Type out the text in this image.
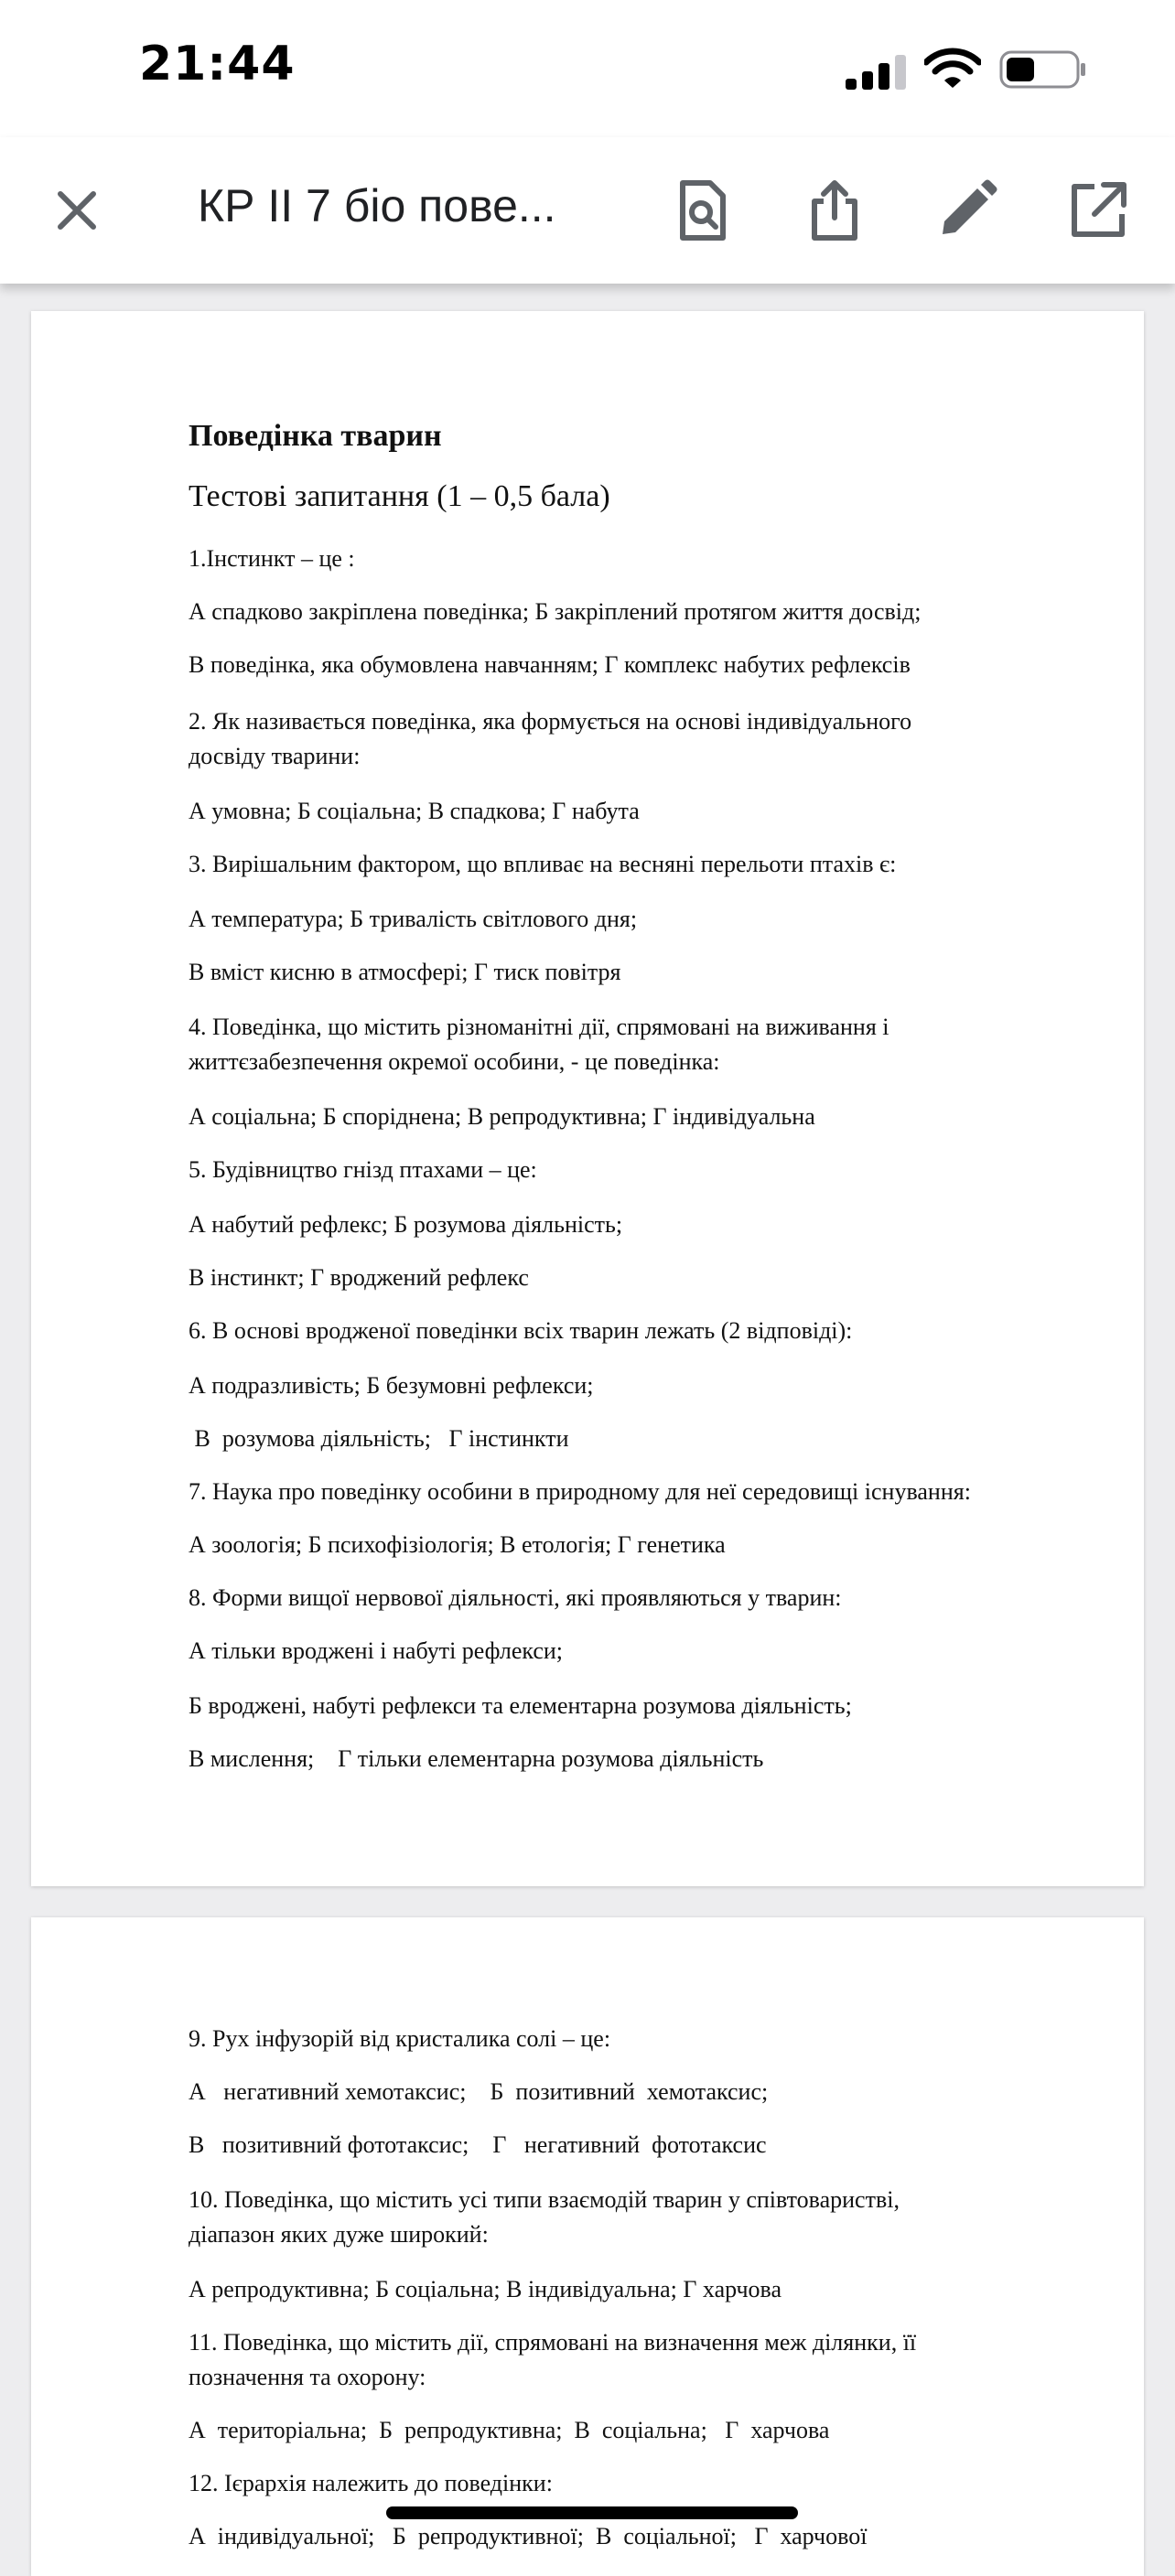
21:44
КР ІІ 7 біо пове...
Поведінка тварин
Тестові запитання (1 – 0,5 бала)
1.Інстинкт – це :
А спадково закріплена поведінка; Б закріплений протягом життя досвід;
В поведінка, яка обумовлена навчанням; Г комплекс набутих рефлексів
2. Як називається поведінка, яка формується на основі індивідуального
досвіду тварини:
А умовна; Б соціальна; В спадкова; Г набута
3. Вирішальним фактором, що впливає на весняні перельоти птахів є:
А температура; Б тривалість світлового дня;
В вміст кисню в атмосфері; Г тиск повітря
4. Поведінка, що містить різноманітні дії, спрямовані на виживання і
життєзабезпечення окремої особини, - це поведінка:
А соціальна; Б споріднена; В репродуктивна; Г індивідуальна
5. Будівництво гнізд птахами – це:
А набутий рефлекс; Б розумова діяльність;
В інстинкт; Г вроджений рефлекс
6. В основі вродженої поведінки всіх тварин лежать (2 відповіді):
А подразливість; Б безумовні рефлекси;
В  розумова діяльність;   Г інстинкти
7. Наука про поведінку особини в природному для неї середовищі існування:
А зоологія; Б психофізіологія; В етологія; Г генетика
8. Форми вищої нервової діяльності, які проявляються у тварин:
А тільки вроджені і набуті рефлекси;
Б вроджені, набуті рефлекси та елементарна розумова діяльність;
В мислення;    Г тільки елементарна розумова діяльність
9. Рух інфузорій від кристалика солі – це:
А   негативний хемотаксис;    Б  позитивний  хемотаксис;
В   позитивний фототаксис;    Г   негативний  фототаксис
10. Поведінка, що містить усі типи взаємодій тварин у співтоваристві,
діапазон яких дуже широкий:
А репродуктивна; Б соціальна; В індивідуальна; Г харчова
11. Поведінка, що містить дії, спрямовані на визначення меж ділянки, її
позначення та охорону:
А  територіальна;  Б  репродуктивна;  В  соціальна;   Г  харчова
12. Ієрархія належить до поведінки:
А  індивідуальної;   Б  репродуктивної;  В  соціальної;   Г  харчової
